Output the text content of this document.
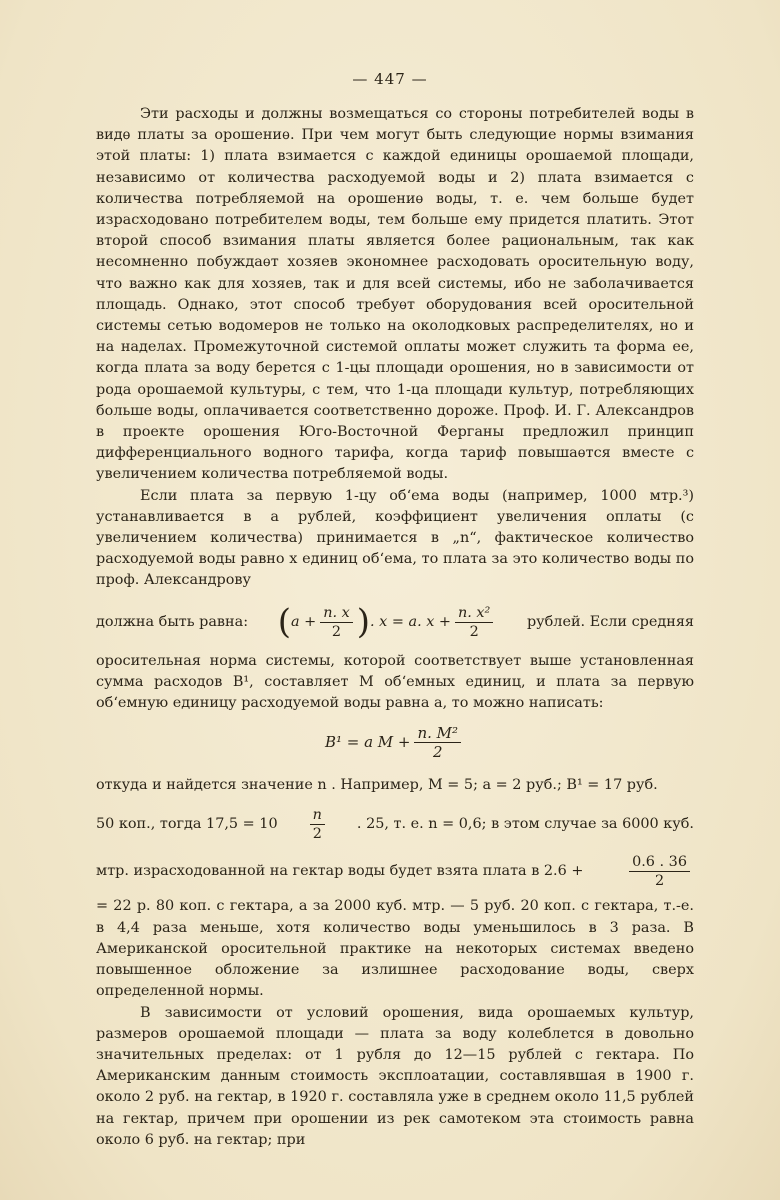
— 447 —

Эти расходы и должны возмещаться со стороны потребителей воды в видѳ платы за орошениѳ. При чем могут быть следующие нормы взимания этой платы: 1) плата взимается с каждой единицы орошаемой площади, независимо от количества расходуемой воды и 2) плата взимается с количества потребляемой на орошениѳ воды, т. е. чем больше будет израсходовано потребителем воды, тем больше ему придется платить. Этот второй способ взимания платы является более рациональным, так как несомненно побуждаѳт хозяев экономнее расходовать оросительную воду, что важно как для хозяев, так и для всей системы, ибо не заболачивается площадь. Однако, этот способ требуѳт оборудования всей оросительной системы сетью водомеров не только на околодковых распределителях, но и на наделах. Промежуточной системой оплаты может служить та форма ее, когда плата за воду берется с 1-цы площади орошения, но в зависимости от рода орошаемой культуры, с тем, что 1-ца площади культур, потребляющих больше воды, оплачивается соответственно дороже. Проф. И. Г. Александров в проекте орошения Юго-Восточной Ферганы предложил принцип дифференциального водного тарифа, когда тариф повышаѳтся вместе с увеличением количества потребляемой воды.

Если плата за первую 1-цу об‘ема воды (например, 1000 мтр.³) устанавливается в a рублей, коэффициент увеличения оплаты (с увеличением количества) принимается в „n“, фактическое количество расходуемой воды равно x единиц об‘ема, то плата за это количество воды по проф. Александрову

должна быть равна: ( $a + \frac{n. x}{2}$ ) . x = a. $x + \frac{\text{n. x²}}{2}$ рублей. Если средняя

оросительная норма системы, которой соответствует выше установленная сумма расходов B¹, составляет M об‘емных единиц, и плата за первую об‘емную единицу расходуемой воды равна a, то можно написать:

B¹ = a $M + \frac{\text{n. M²}}{2}$

откуда и найдется значение n . Например, M = 5; a = 2 руб.; B¹ = 17 руб.

50 коп., тогда $17,5 = 10 \frac{n}{2}$ . 25, т. е. n = 0,6; в этом случае за 6000 куб.
мтр. израсходованной на гектар воды будет взята плата в 2.6 +	$\frac{0.6 . 36}{2}$

= 22 р. 80 коп. с гектара, а за 2000 куб. мтр. — 5 руб. 20 коп. с гектара, т.-е. в 4,4 раза меньше, хотя количество воды уменьшилось в 3 раза. В Американской оросительной практике на некоторых системах введено повышенное обложение за излишнее расходование воды, сверх определенной нормы.

В зависимости от условий орошения, вида орошаемых культур, размеров орошаемой площади — плата за воду колеблется в довольно значительных пределах: от 1 рубля до 12—15 рублей с гектара. По Американским данным стоимость эксплоатации, составлявшая в 1900 г. около 2 руб. на гектар, в 1920 г. составляла уже в среднем около 11,5 рублей на гектар, причем при орошении из рек самотеком эта стоимость равна около 6 руб. на гектар; при
